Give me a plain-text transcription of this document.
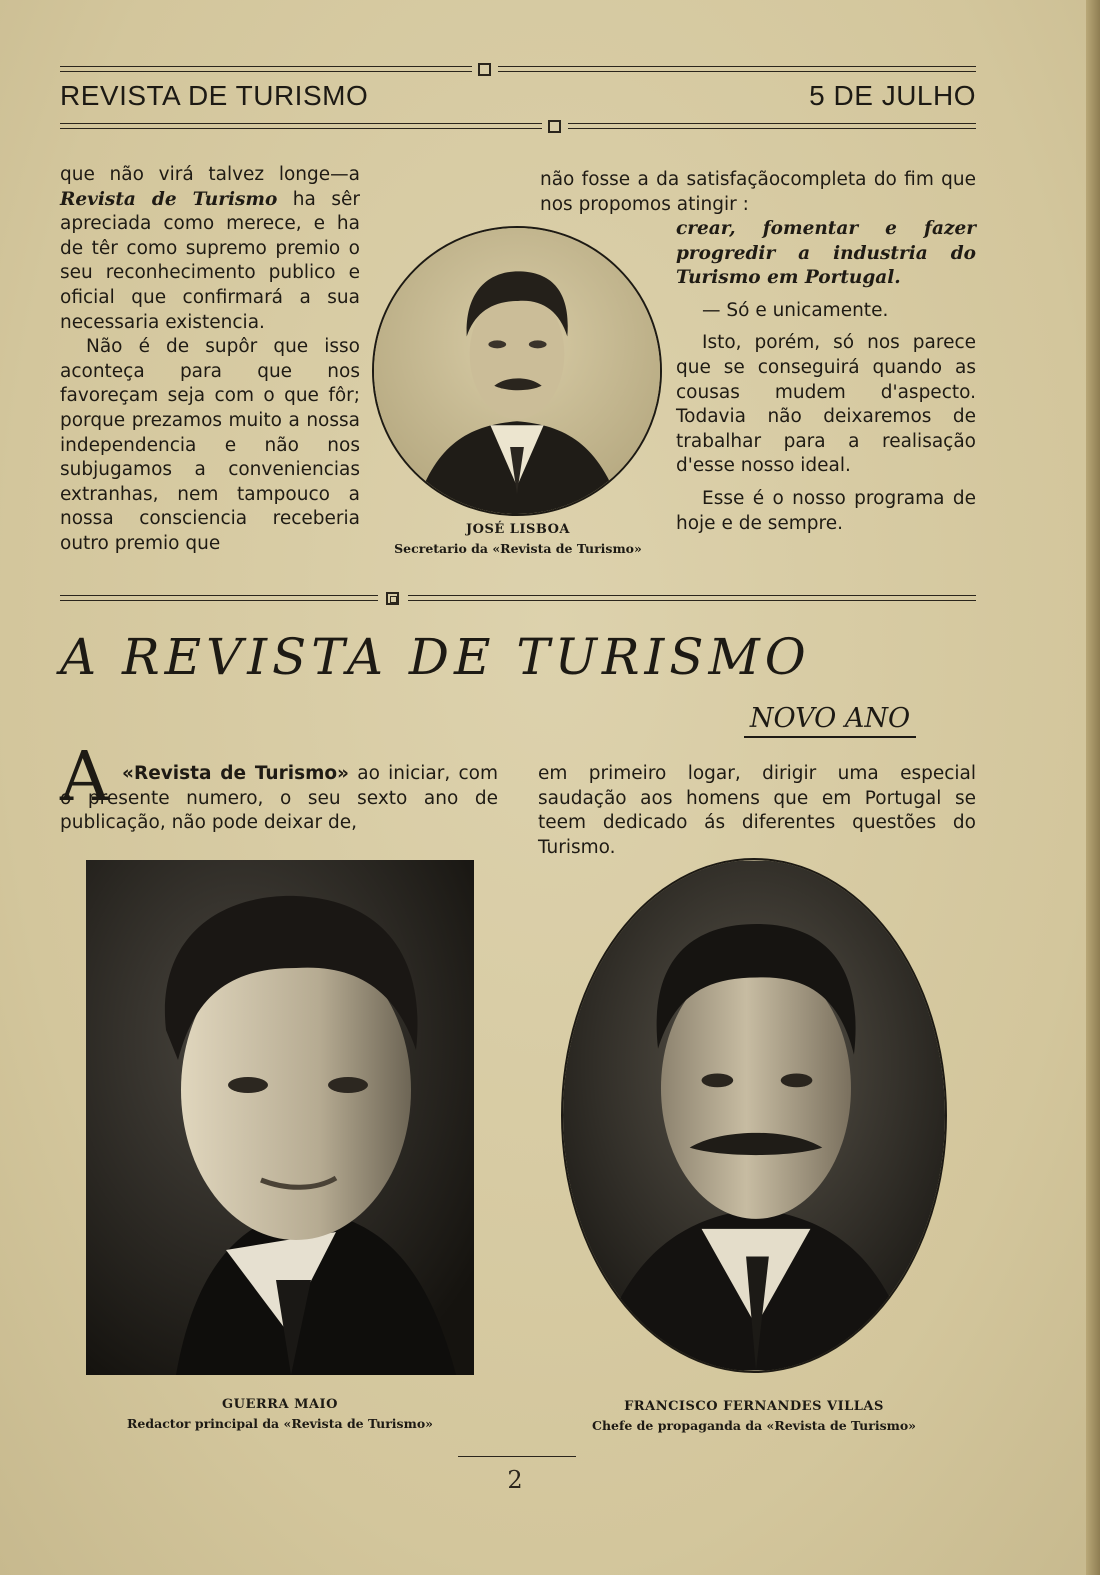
REVISTA DE TURISMO	5 DE JULHO

que não virá talvez longe—a Revista de Turismo ha sêr apreciada como merece, e ha de têr como supremo premio o seu reconhecimento publico e oficial que confirmará a sua necessaria existencia.

Não é de supôr que isso aconteça para que nos favoreçam seja com o que fôr; porque prezamos muito a nossa independencia e não nos subjugamos a conveniencias extranhas, nem tampouco a nossa consciencia receberia outro premio que

JOSÉ LISBOA
Secretario da «Revista de Turismo»

não fosse a da satisfaçãocompleta do fim que nos propomos atingir :

crear, fomentar e fazer progredir a industria do Turismo em Portugal.

— Só e unicamente.

Isto, porém, só nos parece que se conseguirá quando as cousas mudem d'aspecto. Todavia não deixaremos de trabalhar para a realisação d'esse nosso ideal.

Esse é o nosso programa de hoje e de sempre.

A REVISTA DE TURISMO
NOVO ANO
A «Revista de Turismo» ao iniciar, com o presente numero, o seu sexto ano de publicação, não pode deixar de,

em primeiro logar, dirigir uma especial saudação aos homens que em Portugal se teem dedicado ás diferentes questões do Turismo.

GUERRA MAIO
Redactor principal da «Revista de Turismo»
FRANCISCO FERNANDES VILLAS
Chefe de propaganda da «Revista de Turismo»
2
